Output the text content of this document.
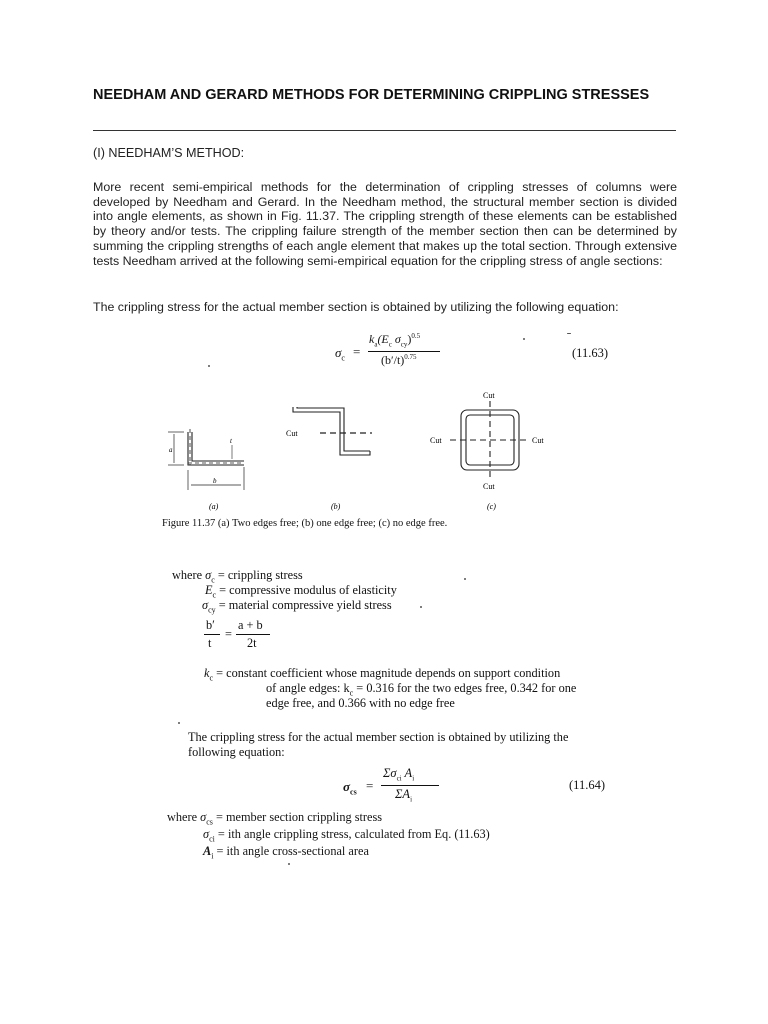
NEEDHAM AND GERARD METHODS FOR DETERMINING CRIPPLING STRESSES
(I) NEEDHAM’S METHOD:
More recent semi-empirical methods for the determination of crippling stresses of columns were developed by Needham and Gerard. In the Needham method, the structural member section is divided into angle elements, as shown in Fig. 11.37. The crippling strength of these elements can be established by theory and/or tests. The crippling failure strength of the member section then can be determined by summing the crippling strengths of each angle element that makes up the total section. Through extensive tests Needham arrived at the following semi-empirical equation for the crippling stress of angle sections:
The crippling stress for the actual member section is obtained by utilizing the following equation:
$\sigma_c$ =
$k_a(E_c$ $\sigma_{cy})^{0.5}$
$(b'/t)^{0.75}$	(11.63)
a
t
b
Cut
Cut
Cut	Cut
Cut
(a)	(b)	(c)
Figure 11.37 (a) Two edges free; (b) one edge free; (c) no edge free.
where $\sigma_c$ = crippling stress
$E_c$ = compressive modulus of elasticity
$\sigma_{cy}$ = material compressive yield stress
b′
t
=
a + b
2t
$k_c$ = constant coefficient whose magnitude depends on support condition
of angle edges: $k_c = 0.316$ for the two edges free, 0.342 for one
edge free, and 0.366 with no edge free
The crippling stress for the actual member section is obtained by utilizing the following equation:
$\sigma_{cs}$ =
$\Sigma\sigma_{ci}$ $A_i$
$\Sigma A_i$
(11.64)
where $\sigma_{cs}$ = member section crippling stress
$\sigma_{ci}$ = ith angle crippling stress, calculated from Eq. (11.63)
$A_i$ = ith angle cross-sectional area
